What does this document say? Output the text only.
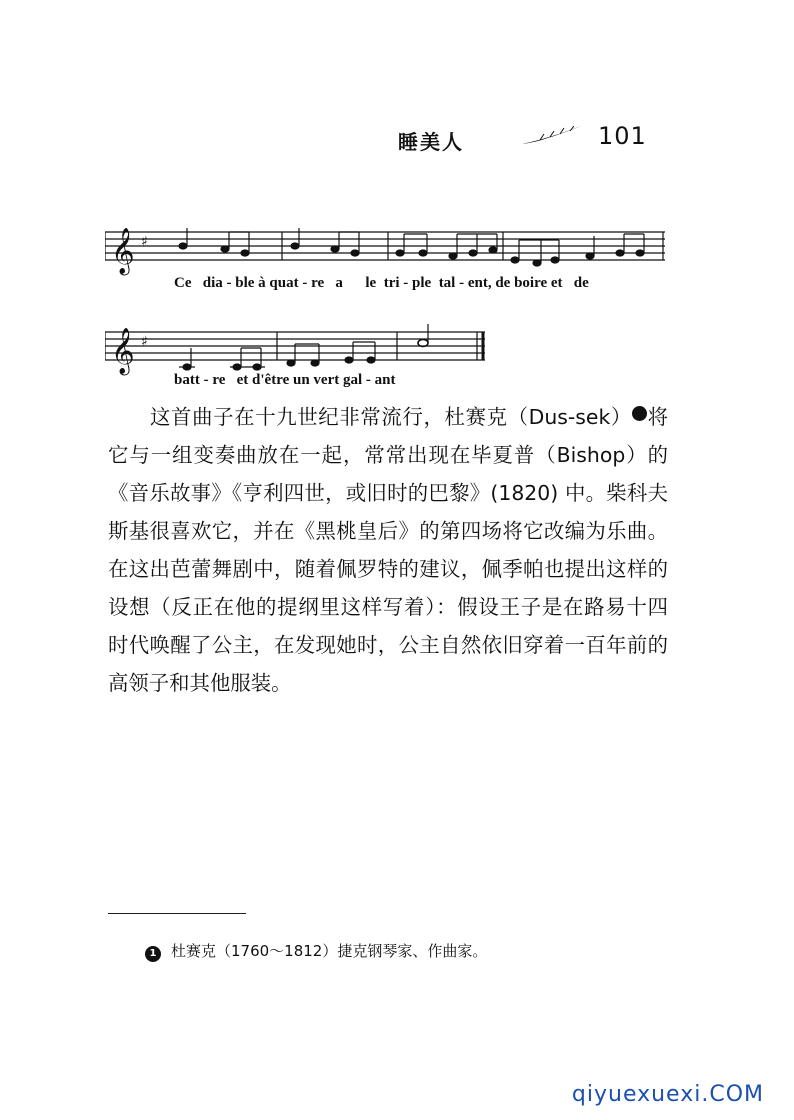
睡美人	101
𝄞 ♯
Ce   dia - ble à quat - re   a      le  tri - ple  tal - ent, de boire et   de
𝄞 ♯
batt - re   et d'être un vert gal - ant

这首曲子在十九世纪非常流行，杜赛克（Dus-sek）	1将它与一组变奏曲放在一起，常常出现在毕夏普（Bishop）的《音乐故事》《亨利四世，或旧时的巴黎》(1820) 中。柴科夫斯基很喜欢它，并在《黑桃皇后》的第四场将它改编为乐曲。在这出芭蕾舞剧中，随着佩罗特的建议，佩季帕也提出这样的设想（反正在他的提纲里这样写着）：假设王子是在路易十四时代唤醒了公主，在发现她时，公主自然依旧穿着一百年前的高领子和其他服装。

1 杜赛克（1760～1812）捷克钢琴家、作曲家。
qiyuexuexi.COM
